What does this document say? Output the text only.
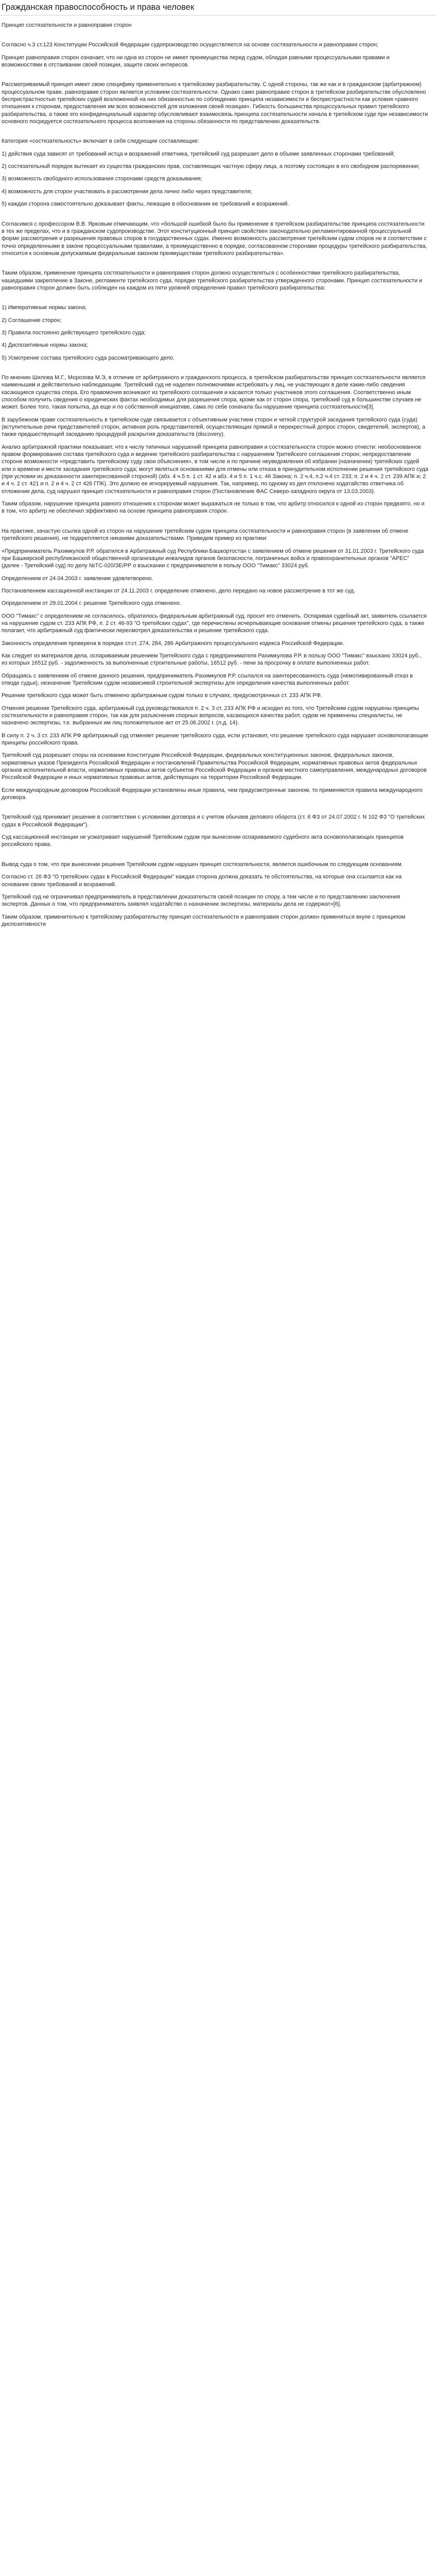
Гражданская правоспособность и права человек

Принцип состязательности и равноправия сторон

Согласно ч.3 ст.123 Конституции Российской Федерации судопроизводство осуществляется на основе состязательности и равноправия сторон;

Принцип равноправия сторон означает, что ни одна из сторон не имеет преимущества перед судом, обладая равными процессуальными правами и возможностями в отстаивании своей позиции, защите своих интересов.

Рассматриваемый принцип имеет свою специфику применительно к третейскому разбирательству. С одной стороны, так же как и в гражданском (арбитражном) процессуальном праве, равноправие сторон является условием состязательности. Однако само равноправие сторон в третейском разбирательстве обусловлено беспристрастностью третейских судей возложенной на них обязанностью по соблюдению принципа независимости и беспристрастности как условия «равного отношения к сторонам, предоставления им всех возможностей для изложения своей позиции». Гибкость большинства процессуальных правил третейского разбирательства, а также его конфиденциальный характер обусловливают взаимосвязь принципа состязательности начала в третейском суде при независимости основного посредуется состязательного процесса возложения на стороны обязанности по представлению доказательств.

Категория «состязательность» включает в себя следующие составляющие:

1) действия суда зависят от требований истца и возражений ответчика, третейский суд разрешает дело в объеме заявленных сторонами требований;

2) состязательный порядок вытекает из существа гражданских прав, составляющих частную сферу лица, а поэтому состоящих в его свободном распоряжении;

3) возможность свободного использования сторонами средств доказывания;

4) возможность для сторон участвовать в рассмотрении дела лично либо через представителя;

5) каждая сторона самостоятельно доказывает факты, лежащие в обосновании ее требований и возражений.

Согласимся с профессором В.В. Ярковым отмечающим, что «большой ошибкой было бы применение в третейском разбирательстве принципа состязательности в тех же пределах, что и в гражданском судопроизводстве. Этот конституционный принцип свойствен законодательно регламентированной процессуальной форме рассмотрения и разрешения правовых споров в государственных судах. Именно возможность рассмотрения третейским судом споров не в соответствии с точно определенными в законе процессуальными правилами, а преимущественно в порядке, согласованном сторонами процедуры третейского разбирательства, относится к основным допускаемым федеральным законом преимуществам третейского разбирательства».

Таким образом, применение принципа состязательности и равноправия сторон должно осуществляться с особенностями третейского разбирательства, нашедшими закрепление в Законе, регламенте третейского суда, порядке третейского разбирательства утвержденного сторонами. Принцип состязательности и равноправия сторон должен быть соблюден на каждом из пяти уровней определения правил третейского разбирательства:

1) Императивные нормы закона;

2) Соглашение сторон;

3) Правила постоянно действующего третейского суда;

4) Диспозитивные нормы закона;

5) Усмотрение состава третейского суда рассматривающего дело.

По мнению Шилова М.Г., Морозова М.Э, в отличие от арбитражного и гражданского процесса, в третейском разбирательстве принцип состязательности является наименьшим и действительно наблюдающим. Третейский суд не наделен полномочиями истребовать у лиц, не участвующих в деле какие-либо сведения касающиеся существа спора. Его правомочия возникают из третейского соглашения и касаются только участников этого соглашения. Соответственно иным способом получить сведения о юридических фактах необходимых для разрешения спора, кроме как от сторон спора, третейский суд в большинстве случаев не может. Более того, такая попытка, да еще и по собственной инициативе, сама по себе означала бы нарушение принципа состязательности[3].

В зарубежном праве состязательность в третейском суде связывается с объективным участием сторон и четкой структурой заседания третейского суда (суда) (вступительные речи представителей сторон, активная роль представителей, осуществляющих прямой и перекрестный допрос сторон, свидетелей, экспертов), а также предшествующей заседанию процедурой раскрытия доказательств (discovery).

Анализ арбитражной практики показывает, что к числу типичных нарушений принципа равноправия и состязательности сторон можно отнести: необоснованное правом формирования состава третейского суда и ведение третейского разбирательства с нарушением Третейского соглашения сторон; непредоставление стороне возможности «представить третейскому суду свои объяснения», в том числе и по причине неуведомления об избрании (назначении) третейских судей или о времени и месте заседания третейского суда; могут являться основаниями для отмены или отказа в принудительном исполнении решения третейского суда (при условии их доказанности заинтересованной стороной) (абз. 4 ч.5 п. 1 ст. 42 и абз. 4 и 5 п. 1 ч.с. 46 Закона; п. 2 ч.4, п.2 ч.4 ст. 233; п. 2 и 4 ч. 2 ст. 239 АПК и; 2 и 4 ч. 2 ст. 421 и п. 2 и 4 ч. 2 ст 426 ГПК). Это должно ее игнорируемый нарушения. Так, например, по одному из дел отклонено ходатайство ответчика об отложении дела, суд нарушил принцип состязательности и равноправия сторон (Постановление ФАС Северо-западного округа от 13.03.2003).

Таким образом, нарушение принципа равного отношения к сторонам может выражаться не только в том, что арбитр относился к одной из сторон предвзято, но и в том, что арбитр не обеспечил эффективно на основе принципа равноправия сторон.

На практике, зачастую ссылка одной из сторон на нарушение третейским судом принципа состязательности и равноправия сторон (в заявлении об отмене третейского решения), не подкрепляется никакими доказательствами. Приведем пример из практики:

«Предприниматель Рахимкулов Р.Р. обратился в Арбитражный суд Республики Башкортостан с заявлением об отмене решения от 31.01.2003 г. Третейского суда при Башкирской республиканской общественной организации инвалидов органов безопасности, пограничных войск и правоохранительных органов "АРЕС" (далее - Третейский суд) по делу №ТС-020/ЗЕ/РР о взыскании с предпринимателя в пользу ООО "Тимакс" 33024 руб.

Определением от 24.04.2003 г. заявление удовлетворено.

Постановлением кассационной инстанции от 24.11.2003 г. определение отменено, дело передано на новое рассмотрение в тот же суд.

Определением от 29.01.2004 г. решение Третейского суда отменено.

ООО "Тимакс" с определением не согласилось, обратилось федеральным арбитражный суд, просит его отменить. Оспаривая судебный акт, заявитель ссылается на нарушение судом ст. 233 АПК РФ, п. 2 ст. 46-93 "О третейских судах", где перечислены исчерпывающие основания отмены решения третейского суда, а также полагает, что арбитражный суд фактически пересмотрел доказательства и решение третейского суда.

Законность определения проверена в порядке ст.ст. 274, 284, 286 Арбитражного процессуального кодекса Российской Федерации.

Как следует из материалов дела, оспариваемым решением Третейского суда с предпринимателя Рахимкулова Р.Р. в пользу ООО "Тимакс" взыскано 33024 руб., из которых 16512 руб. - задолженность за выполненные строительные работы, 16512 руб. - пени за просрочку в оплате выполненных работ.

Обращаясь с заявлением об отмене данного решения, предприниматель Рахимкулов Р.Р. ссылался на заинтересованность суда (немотивированный отказ в отводе судьи), незначение Третейским судом независимой строительной экспертизы для определения качества выполненных работ.

Решение третейского суда может быть отменено арбитражным судом только в случаях, предусмотренных ст. 233 АПК РФ.

Отменяя решение Третейского суда, арбитражный суд руководствовался п. 2 ч. 3 ст. 233 АПК РФ и исходил из того, что Третейским судом нарушены принципы состязательности и равноправия сторон, так как для разъяснения спорных вопросов, касающихся качества работ, судом не применены специалисты, не назначено экспертизы, т.е. выбранных им лиц положительное акт от 25.06.2002 г. (л.д. 14).

В силу п. 2 ч. 3 ст. 233 АПК РФ арбитражный суд отменяет решение третейского суда, если установит, что решение третейского суда нарушает основополагающие принципы российского права.

Третейский суд разрешает споры на основании Конституции Российской Федерации, федеральных конституционных законов, федеральных законов, нормативных указов Президента Российской Федерации и постановлений Правительства Российской Федерации, нормативных правовых актов федеральных органов исполнительной власти, нормативных правовых актов субъектов Российской Федерации и органов местного самоуправления, международных договоров Российской Федерации и иных нормативных правовых актов, действующих на территории Российской Федерации.

Если международным договором Российской Федерации установлены иные правила, чем предусмотренные законом, то применяются правила международного договора.

Третейский суд принимает решение в соответствии с условиями договора и с учетом обычаев делового оборота (ст. 6 ФЗ от 24.07.2002 г. N 102 ФЗ "О третейских судах в Российской Федерации").

Суд кассационной инстанции не усматривает нарушений Третейским судом при вынесении оспариваемого судебного акта основополагающих принципов российского права.

Вывод суда о том, что при вынесении решения Третейским судом нарушен принцип состязательности, является ошибочным по следующим основаниям.

Согласно ст. 26 ФЗ "О третейских судах в Российской Федерации" каждая сторона должна доказать те обстоятельства, на которые она ссылается как на основание своих требований и возражений.

Третейский суд не ограничивал предприниматель в представлении доказательств своей позиции по спору, а тем числе и по представлению заключения экспертов. Данных о том, что предприниматель заявлял ходатайство о назначении экспертизы, материалы дела не содержат»[6].

Таким образом, применительно к третейскому разбирательству принцип состязательности и равноправия сторон должен применяться вкупе с принципом диспозитивности
